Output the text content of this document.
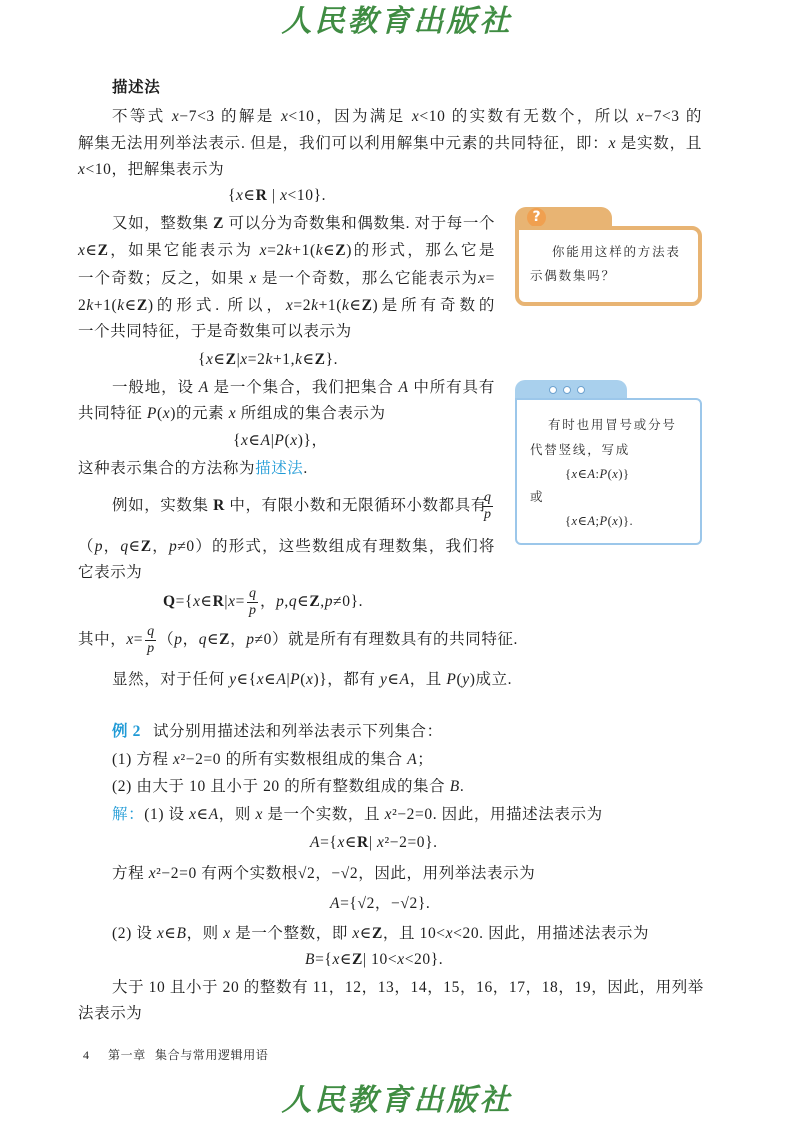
人民教育出版社
描述法
不等式 x−7<3 的解是 x<10，因为满足 x<10 的实数有无数个，所以 x−7<3 的
解集无法用列举法表示. 但是，我们可以利用解集中元素的共同特征，即：x 是实数，且
x<10，把解集表示为
{x∈R | x<10}.
又如，整数集 Z 可以分为奇数集和偶数集. 对于每一个
x∈Z，如果它能表示为 x=2k+1(k∈Z)的形式，那么它是
一个奇数；反之，如果 x 是一个奇数，那么它能表示为x=
2k+1(k∈Z)的形式. 所以，x=2k+1(k∈Z)是所有奇数的
一个共同特征，于是奇数集可以表示为
{x∈Z|x=2k+1,k∈Z}.
一般地，设 A 是一个集合，我们把集合 A 中所有具有
共同特征 P(x)的元素 x 所组成的集合表示为
{x∈A|P(x)}，
这种表示集合的方法称为描述法.
例如，实数集 R 中，有限小数和无限循环小数都具有
$\frac{q}{p}$
（p，q∈Z，p≠0）的形式，这些数组成有理数集，我们将
它表示为
Q={x∈R|x= $\frac{q}{p}$ ，p,q∈Z,p≠0}.
其中，$x= \frac{q}{p} (p$，q∈Z，p≠0）就是所有有理数具有的共同特征.
显然，对于任何 y∈{x∈A|P(x)}，都有 y∈A，且 P(y)成立.
例 2 试分别用描述法和列举法表示下列集合：
(1) 方程 x²−2=0 的所有实数根组成的集合 A；
(2) 由大于 10 且小于 20 的所有整数组成的集合 B.
解：(1) 设 x∈A，则 x 是一个实数，且 x²−2=0. 因此，用描述法表示为
A={x∈R| x²−2=0}.
方程 x²−2=0 有两个实数根√2，−√2，因此，用列举法表示为
A={√2，−√2}.
(2) 设 x∈B，则 x 是一个整数，即 x∈Z，且 10<x<20. 因此，用描述法表示为
B={x∈Z| 10<x<20}.
大于 10 且小于 20 的整数有 11，12，13，14，15，16，17，18，19，因此，用列举
法表示为
?
你能用这样的方法表
示偶数集吗？
有时也用冒号或分号
代替竖线，写成
{x∈A:P(x)}
或
{x∈A;P(x)}.
4 第一章 集合与常用逻辑用语
人民教育出版社
